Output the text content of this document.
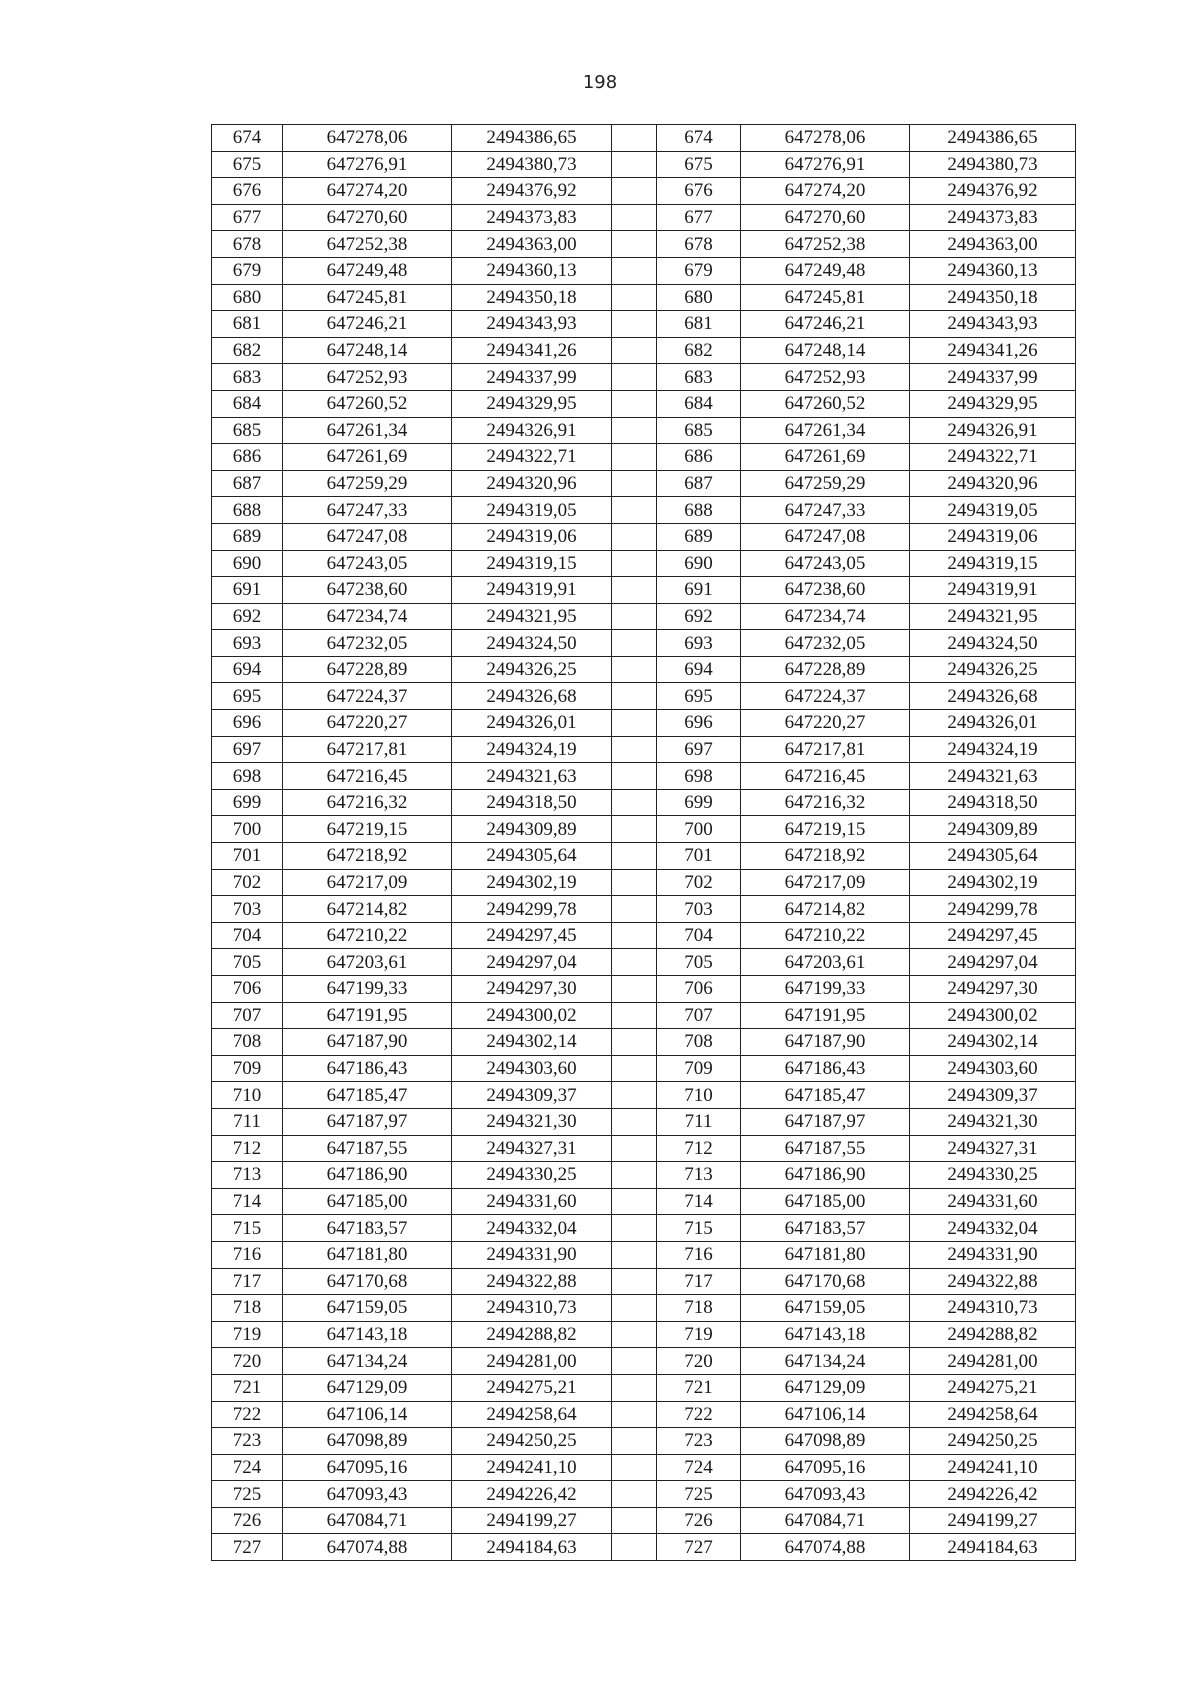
198
674	647278,06	2494386,65		674	647278,06	2494386,65
675	647276,91	2494380,73		675	647276,91	2494380,73
676	647274,20	2494376,92		676	647274,20	2494376,92
677	647270,60	2494373,83		677	647270,60	2494373,83
678	647252,38	2494363,00		678	647252,38	2494363,00
679	647249,48	2494360,13		679	647249,48	2494360,13
680	647245,81	2494350,18		680	647245,81	2494350,18
681	647246,21	2494343,93		681	647246,21	2494343,93
682	647248,14	2494341,26		682	647248,14	2494341,26
683	647252,93	2494337,99		683	647252,93	2494337,99
684	647260,52	2494329,95		684	647260,52	2494329,95
685	647261,34	2494326,91		685	647261,34	2494326,91
686	647261,69	2494322,71		686	647261,69	2494322,71
687	647259,29	2494320,96		687	647259,29	2494320,96
688	647247,33	2494319,05		688	647247,33	2494319,05
689	647247,08	2494319,06		689	647247,08	2494319,06
690	647243,05	2494319,15		690	647243,05	2494319,15
691	647238,60	2494319,91		691	647238,60	2494319,91
692	647234,74	2494321,95		692	647234,74	2494321,95
693	647232,05	2494324,50		693	647232,05	2494324,50
694	647228,89	2494326,25		694	647228,89	2494326,25
695	647224,37	2494326,68		695	647224,37	2494326,68
696	647220,27	2494326,01		696	647220,27	2494326,01
697	647217,81	2494324,19		697	647217,81	2494324,19
698	647216,45	2494321,63		698	647216,45	2494321,63
699	647216,32	2494318,50		699	647216,32	2494318,50
700	647219,15	2494309,89		700	647219,15	2494309,89
701	647218,92	2494305,64		701	647218,92	2494305,64
702	647217,09	2494302,19		702	647217,09	2494302,19
703	647214,82	2494299,78		703	647214,82	2494299,78
704	647210,22	2494297,45		704	647210,22	2494297,45
705	647203,61	2494297,04		705	647203,61	2494297,04
706	647199,33	2494297,30		706	647199,33	2494297,30
707	647191,95	2494300,02		707	647191,95	2494300,02
708	647187,90	2494302,14		708	647187,90	2494302,14
709	647186,43	2494303,60		709	647186,43	2494303,60
710	647185,47	2494309,37		710	647185,47	2494309,37
711	647187,97	2494321,30		711	647187,97	2494321,30
712	647187,55	2494327,31		712	647187,55	2494327,31
713	647186,90	2494330,25		713	647186,90	2494330,25
714	647185,00	2494331,60		714	647185,00	2494331,60
715	647183,57	2494332,04		715	647183,57	2494332,04
716	647181,80	2494331,90		716	647181,80	2494331,90
717	647170,68	2494322,88		717	647170,68	2494322,88
718	647159,05	2494310,73		718	647159,05	2494310,73
719	647143,18	2494288,82		719	647143,18	2494288,82
720	647134,24	2494281,00		720	647134,24	2494281,00
721	647129,09	2494275,21		721	647129,09	2494275,21
722	647106,14	2494258,64		722	647106,14	2494258,64
723	647098,89	2494250,25		723	647098,89	2494250,25
724	647095,16	2494241,10		724	647095,16	2494241,10
725	647093,43	2494226,42		725	647093,43	2494226,42
726	647084,71	2494199,27		726	647084,71	2494199,27
727	647074,88	2494184,63		727	647074,88	2494184,63
